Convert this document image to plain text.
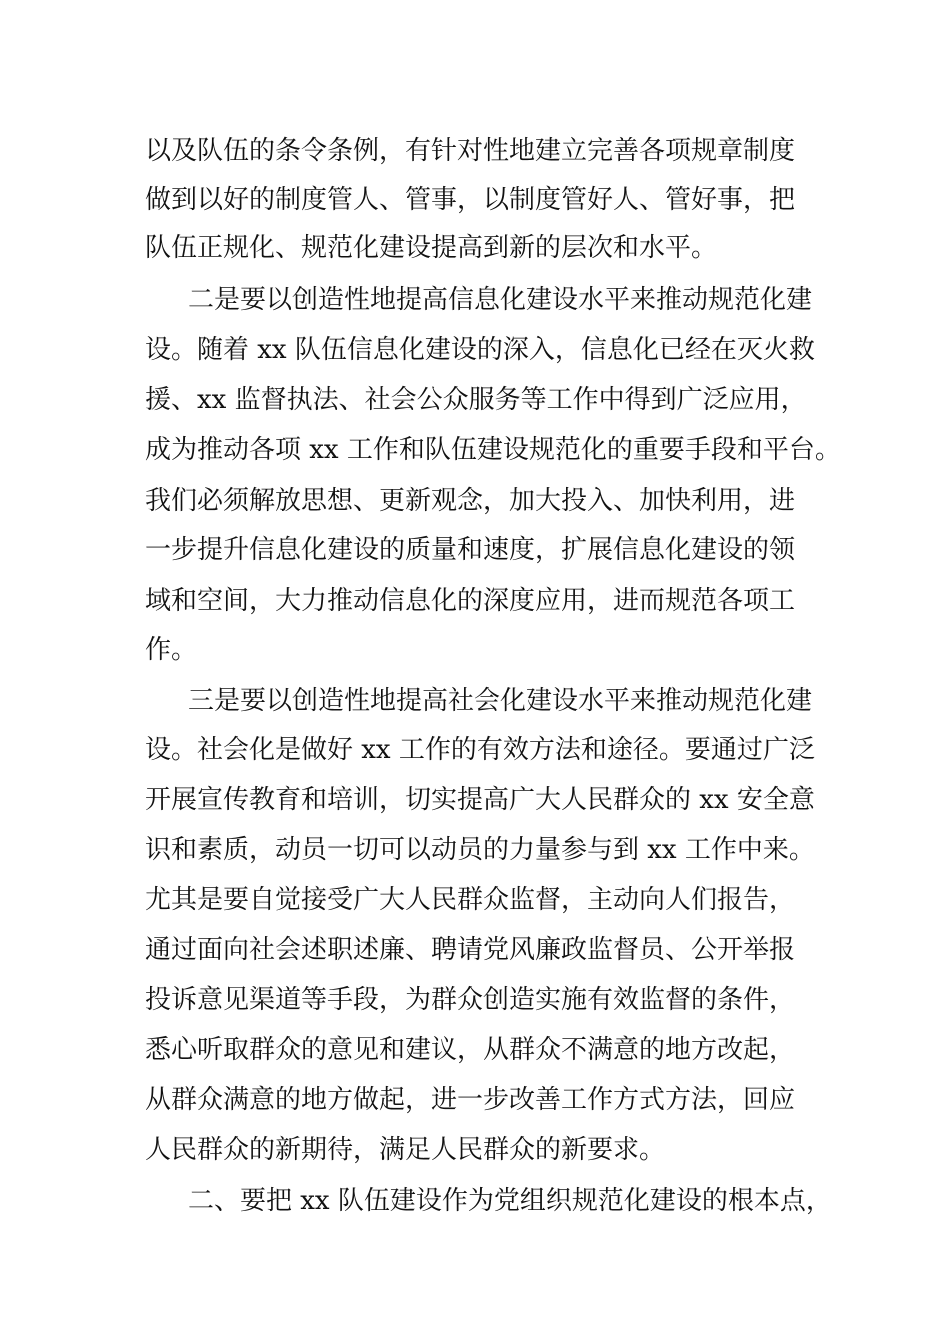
以及队伍的条令条例，有针对性地建立完善各项规章制度

做到以好的制度管人、管事，以制度管好人、管好事，把

队伍正规化、规范化建设提高到新的层次和水平。

二是要以创造性地提高信息化建设水平来推动规范化建

设。随着 xx 队伍信息化建设的深入，信息化已经在灭火救

援、xx 监督执法、社会公众服务等工作中得到广泛应用，

成为推动各项 xx 工作和队伍建设规范化的重要手段和平台。

我们必须解放思想、更新观念，加大投入、加快利用，进

一步提升信息化建设的质量和速度，扩展信息化建设的领

域和空间，大力推动信息化的深度应用，进而规范各项工

作。

三是要以创造性地提高社会化建设水平来推动规范化建

设。社会化是做好 xx 工作的有效方法和途径。要通过广泛

开展宣传教育和培训，切实提高广大人民群众的 xx 安全意

识和素质，动员一切可以动员的力量参与到 xx 工作中来。

尤其是要自觉接受广大人民群众监督，主动向人们报告，

通过面向社会述职述廉、聘请党风廉政监督员、公开举报

投诉意见渠道等手段，为群众创造实施有效监督的条件，

悉心听取群众的意见和建议，从群众不满意的地方改起，

从群众满意的地方做起，进一步改善工作方式方法，回应

人民群众的新期待，满足人民群众的新要求。

二、要把 xx 队伍建设作为党组织规范化建设的根本点，
